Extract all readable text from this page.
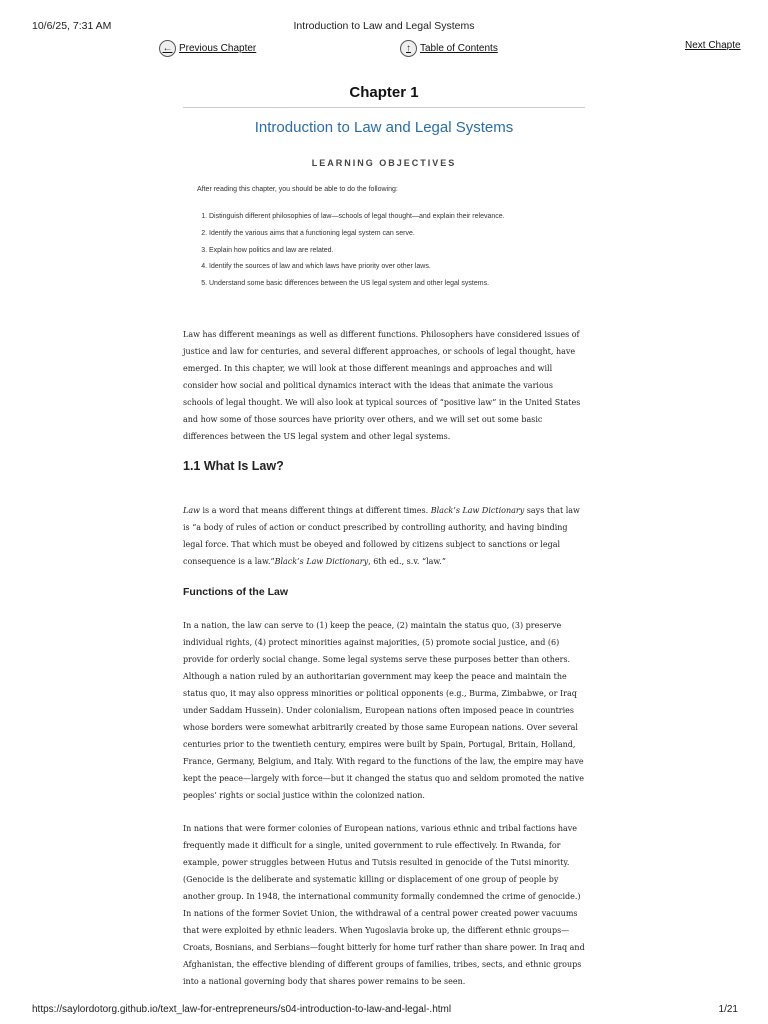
10/6/25, 7:31 AM	Introduction to Law and Legal Systems
← Previous Chapter	↑ Table of Contents	Next Chapte
Chapter 1
Introduction to Law and Legal Systems
LEARNING OBJECTIVES
After reading this chapter, you should be able to do the following:
1. Distinguish different philosophies of law—schools of legal thought—and explain their relevance.
2. Identify the various aims that a functioning legal system can serve.
3. Explain how politics and law are related.
4. Identify the sources of law and which laws have priority over other laws.
5. Understand some basic differences between the US legal system and other legal systems.

Law has different meanings as well as different functions. Philosophers have considered issues of justice and law for centuries, and several different approaches, or schools of legal thought, have emerged. In this chapter, we will look at those different meanings and approaches and will consider how social and political dynamics interact with the ideas that animate the various schools of legal thought. We will also look at typical sources of “positive law” in the United States and how some of those sources have priority over others, and we will set out some basic differences between the US legal system and other legal systems.

1.1 What Is Law?

Law is a word that means different things at different times. Black’s Law Dictionary says that law is “a body of rules of action or conduct prescribed by controlling authority, and having binding legal force. That which must be obeyed and followed by citizens subject to sanctions or legal consequence is a law.”Black’s Law Dictionary, 6th ed., s.v. “law.”

Functions of the Law

In a nation, the law can serve to (1) keep the peace, (2) maintain the status quo, (3) preserve individual rights, (4) protect minorities against majorities, (5) promote social justice, and (6) provide for orderly social change. Some legal systems serve these purposes better than others. Although a nation ruled by an authoritarian government may keep the peace and maintain the status quo, it may also oppress minorities or political opponents (e.g., Burma, Zimbabwe, or Iraq under Saddam Hussein). Under colonialism, European nations often imposed peace in countries whose borders were somewhat arbitrarily created by those same European nations. Over several centuries prior to the twentieth century, empires were built by Spain, Portugal, Britain, Holland, France, Germany, Belgium, and Italy. With regard to the functions of the law, the empire may have kept the peace—largely with force—but it changed the status quo and seldom promoted the native peoples’ rights or social justice within the colonized nation.

In nations that were former colonies of European nations, various ethnic and tribal factions have frequently made it difficult for a single, united government to rule effectively. In Rwanda, for example, power struggles between Hutus and Tutsis resulted in genocide of the Tutsi minority. (Genocide is the deliberate and systematic killing or displacement of one group of people by another group. In 1948, the international community formally condemned the crime of genocide.) In nations of the former Soviet Union, the withdrawal of a central power created power vacuums that were exploited by ethnic leaders. When Yugoslavia broke up, the different ethnic groups—Croats, Bosnians, and Serbians—fought bitterly for home turf rather than share power. In Iraq and Afghanistan, the effective blending of different groups of families, tribes, sects, and ethnic groups into a national governing body that shares power remains to be seen.

https://saylordotorg.github.io/text_law-for-entrepreneurs/s04-introduction-to-law-and-legal-.html	1/21
